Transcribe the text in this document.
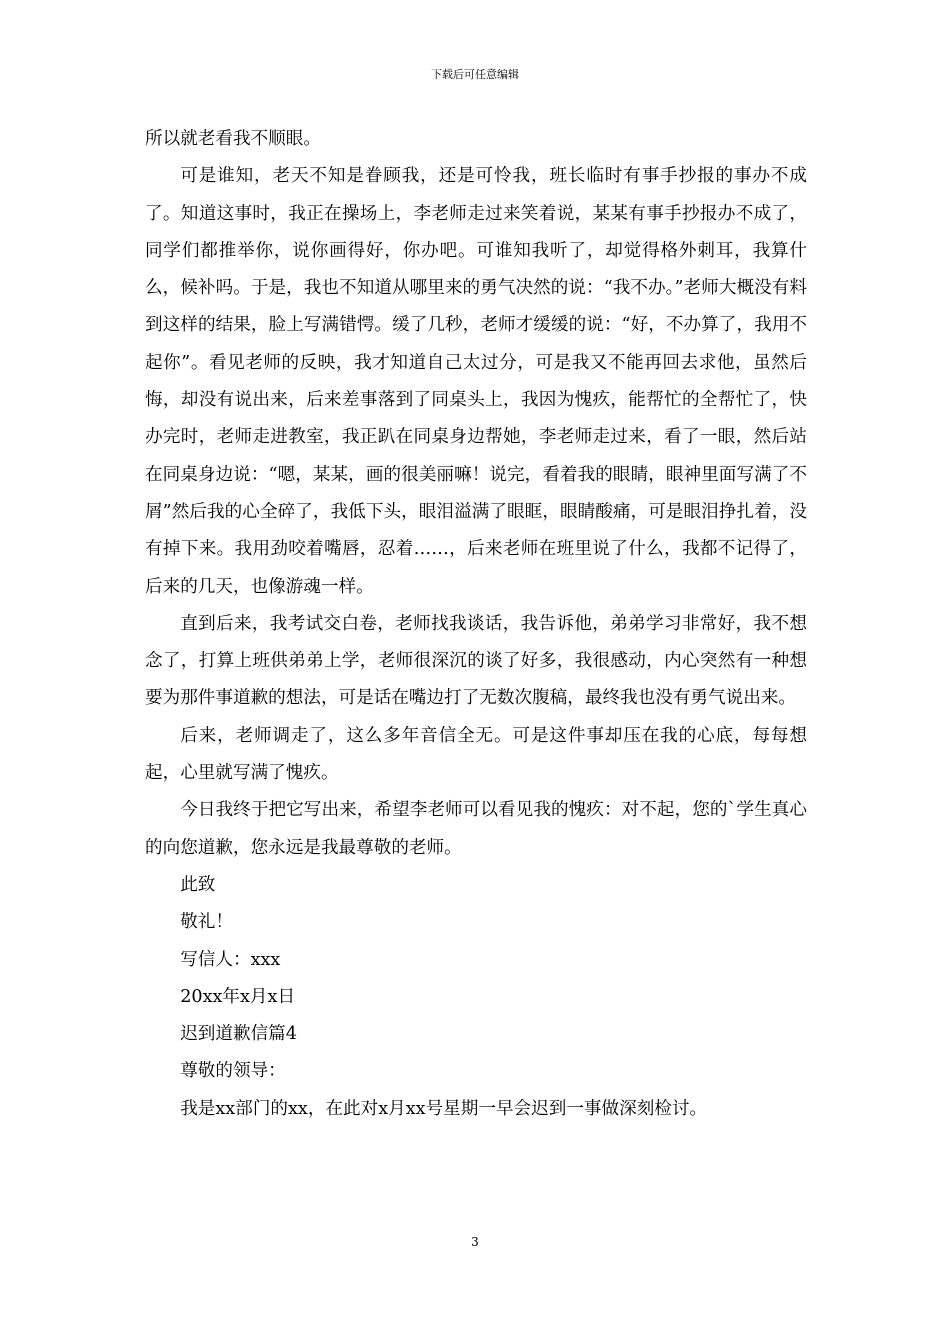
下载后可任意编辑

所以就老看我不顺眼。

可是谁知，老天不知是眷顾我，还是可怜我，班长临时有事手抄报的事办不成了。知道这事时，我正在操场上，李老师走过来笑着说，某某有事手抄报办不成了，同学们都推举你，说你画得好，你办吧。可谁知我听了，却觉得格外刺耳，我算什么，候补吗。于是，我也不知道从哪里来的勇气决然的说：“我不办。”老师大概没有料到这样的结果，脸上写满错愕。缓了几秒，老师才缓缓的说：“好，不办算了，我用不起你”。看见老师的反映，我才知道自己太过分，可是我又不能再回去求他，虽然后悔，却没有说出来，后来差事落到了同桌头上，我因为愧疚，能帮忙的全帮忙了，快办完时，老师走进教室，我正趴在同桌身边帮她，李老师走过来，看了一眼，然后站在同桌身边说：“嗯，某某，画的很美丽嘛！说完，看着我的眼睛，眼神里面写满了不屑”然后我的心全碎了，我低下头，眼泪溢满了眼眶，眼睛酸痛，可是眼泪挣扎着，没有掉下来。我用劲咬着嘴唇，忍着……，后来老师在班里说了什么，我都不记得了，后来的几天，也像游魂一样。

直到后来，我考试交白卷，老师找我谈话，我告诉他，弟弟学习非常好，我不想念了，打算上班供弟弟上学，老师很深沉的谈了好多，我很感动，内心突然有一种想要为那件事道歉的想法，可是话在嘴边打了无数次腹稿，最终我也没有勇气说出来。

后来，老师调走了，这么多年音信全无。可是这件事却压在我的心底，每每想起，心里就写满了愧疚。

今日我终于把它写出来，希望李老师可以看见我的愧疚：对不起，您的`学生真心的向您道歉，您永远是我最尊敬的老师。

此致

敬礼！

写信人：xxx

20xx年x月x日

迟到道歉信篇4

尊敬的领导：

我是xx部门的xx，在此对x月xx号星期一早会迟到一事做深刻检讨。

3
